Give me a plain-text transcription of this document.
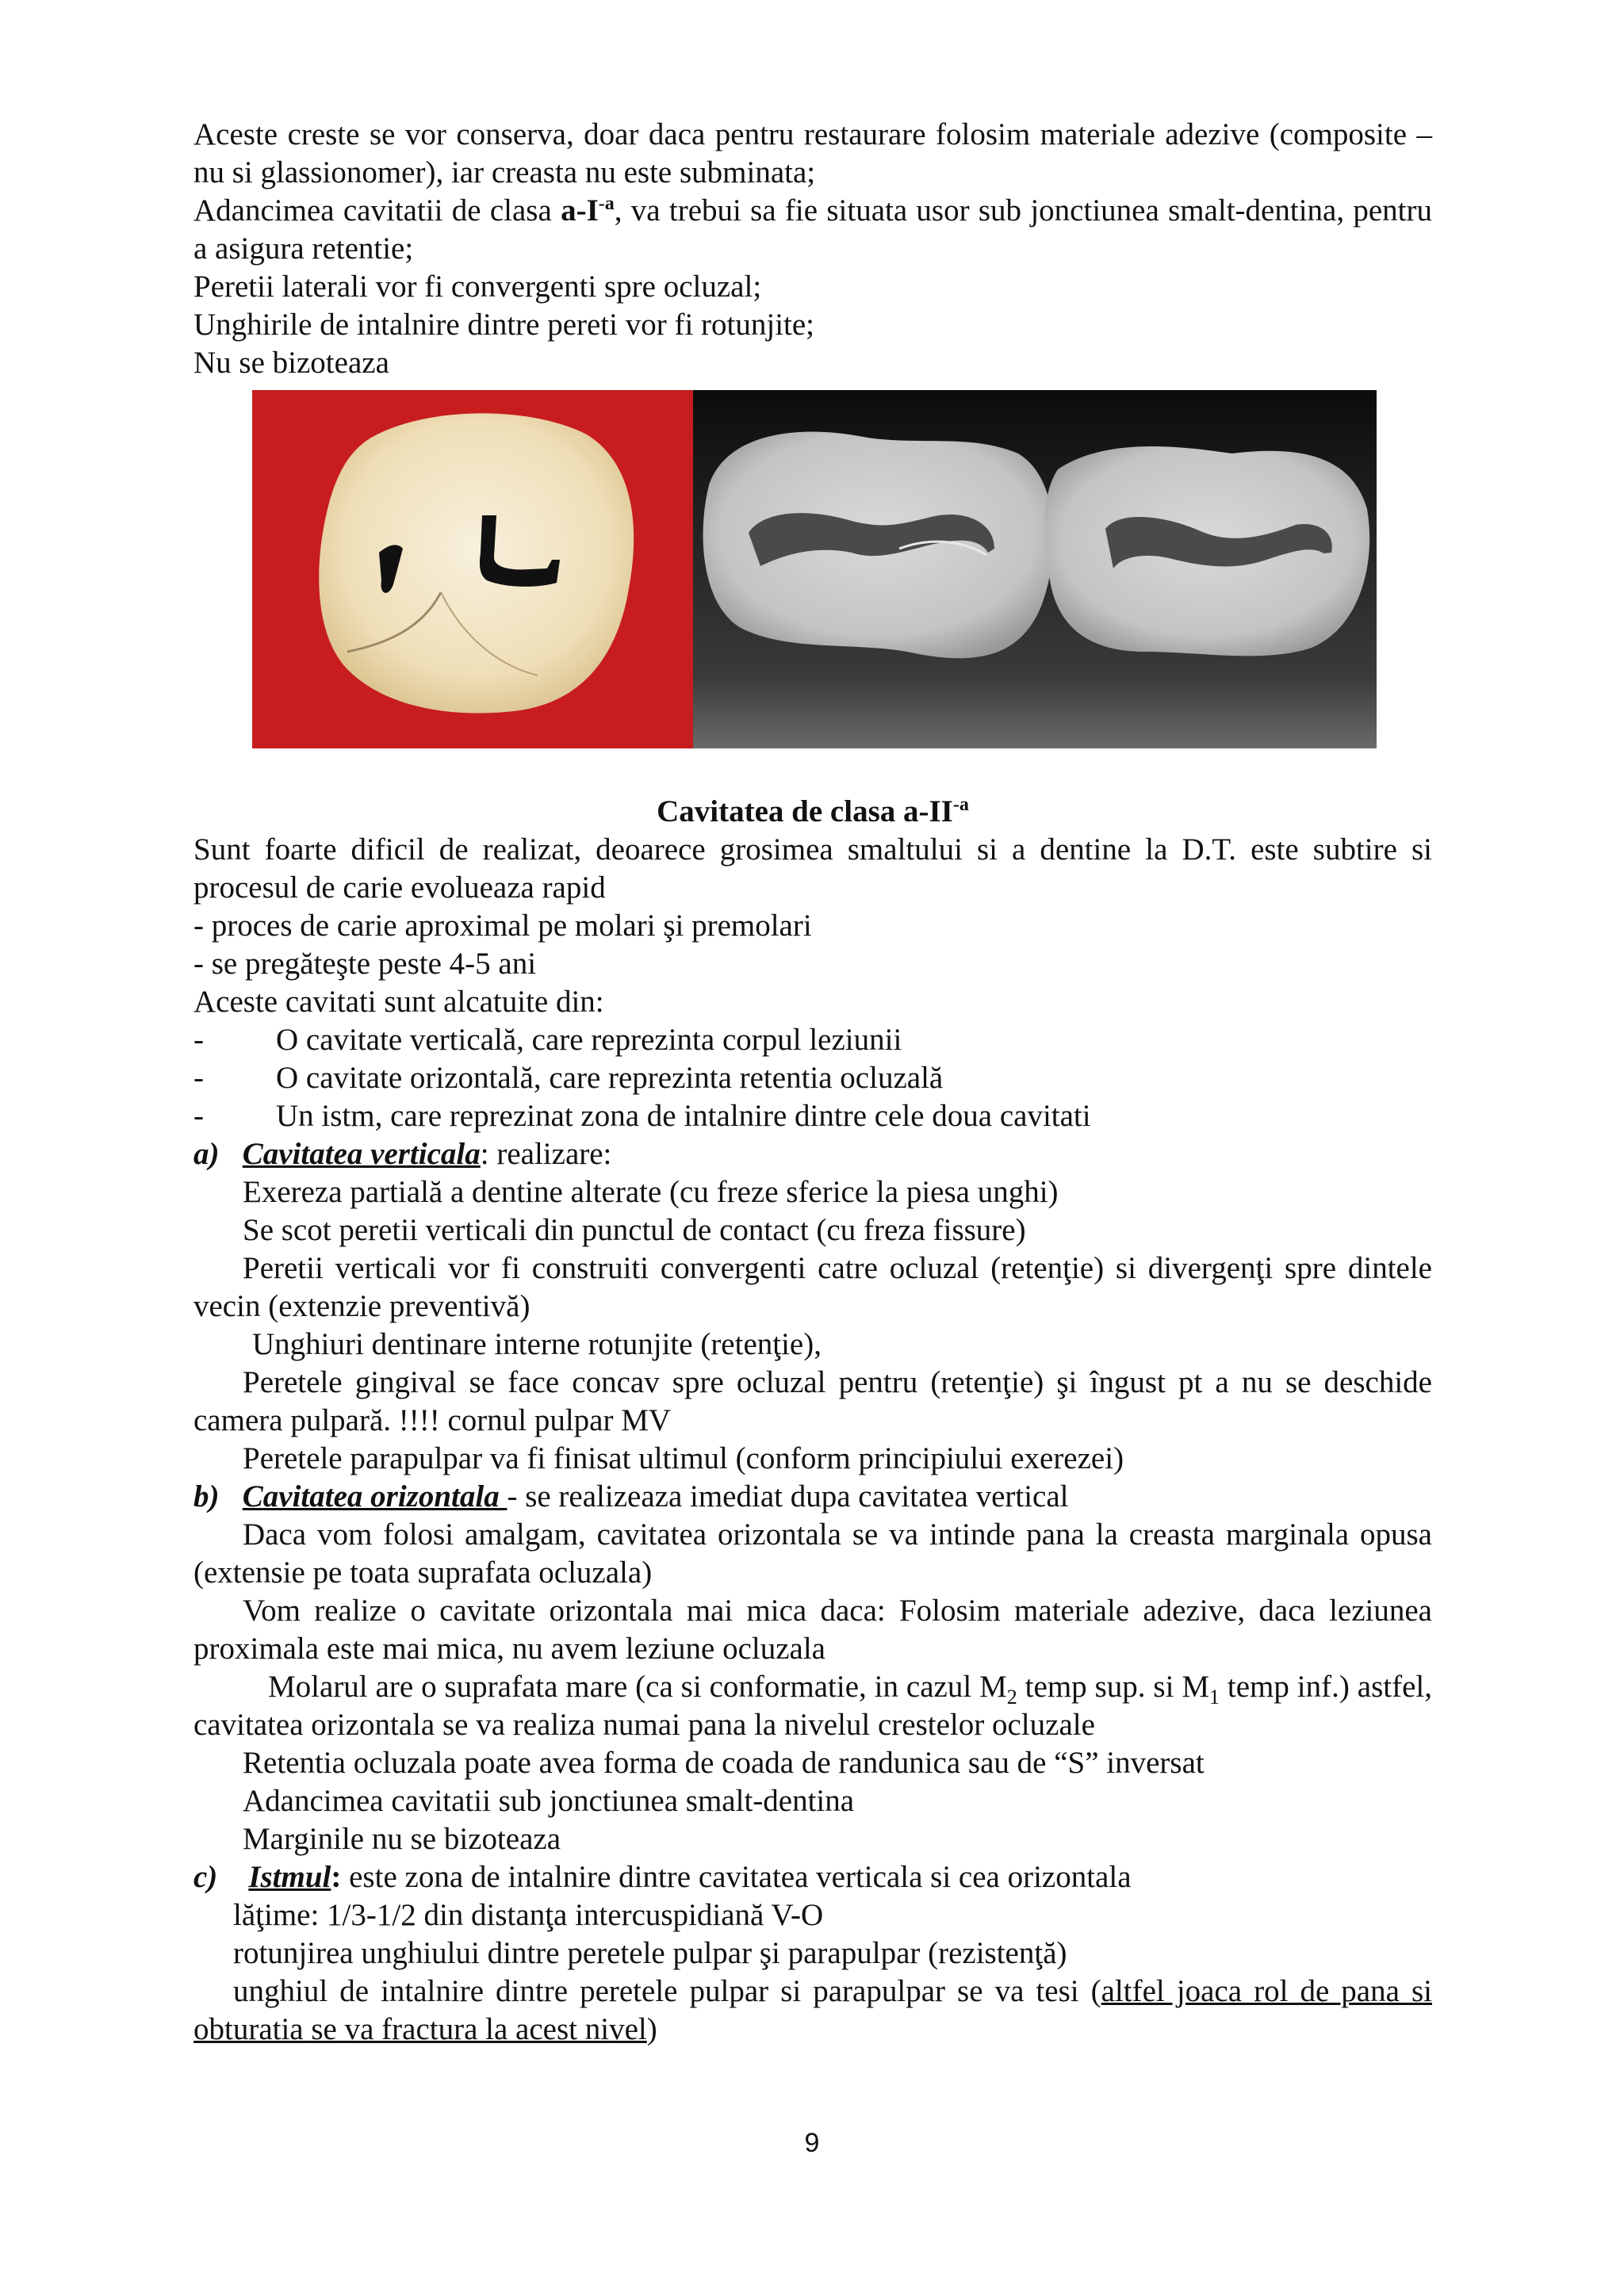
Aceste creste se vor conserva, doar daca pentru restaurare folosim materiale adezive (composite – nu si glassionomer), iar creasta nu este subminata;

Adancimea cavitatii de clasa $a-I^{-a}$, va trebui sa fie situata usor sub jonctiunea smalt-dentina, pentru a asigura retentie;

Peretii laterali vor fi convergenti spre ocluzal;

Unghirile de intalnire dintre pereti vor fi rotunjite;

Nu se bizoteaza

Cavitatea de clasa $a-II^{-a}$

Sunt foarte dificil de realizat, deoarece grosimea smaltului si a dentine la D.T. este subtire si procesul de carie evolueaza rapid

- proces de carie aproximal pe molari şi premolari

- se pregăteşte peste 4-5 ani

Aceste cavitati sunt alcatuite din:

-	O cavitate verticală, care reprezinta corpul leziunii
-	O cavitate orizontală, care reprezinta retentia ocluzală
-	Un istm, care reprezinat zona de intalnire dintre cele doua cavitati

a) Cavitatea verticala: realizare:

Exereza partială a dentine alterate (cu freze sferice la piesa unghi)
Se scot peretii verticali din punctul de contact (cu freza fissure)

Peretii verticali vor fi construiti convergenti catre ocluzal (retenţie) si divergenţi spre dintele vecin (extenzie preventivă)

Unghiuri dentinare interne rotunjite (retenţie),

Peretele gingival se face concav spre ocluzal pentru (retenţie) şi îngust pt a nu se deschide camera pulpară. !!!! cornul pulpar MV

Peretele parapulpar va fi finisat ultimul (conform principiului exerezei)

b) Cavitatea orizontala - se realizeaza imediat dupa cavitatea vertical

Daca vom folosi amalgam, cavitatea orizontala se va intinde pana la creasta marginala opusa (extensie pe toata suprafata ocluzala)

Vom realize o cavitate orizontala mai mica daca: Folosim materiale adezive, daca leziunea proximala este mai mica, nu avem leziune ocluzala

Molarul are o suprafata mare (ca si conformatie, in cazul $M_2$ temp sup. si $M_1$ temp inf.) astfel, cavitatea orizontala se va realiza numai pana la nivelul crestelor ocluzale

Retentia ocluzala poate avea forma de coada de randunica sau de “S” inversat
Adancimea cavitatii sub jonctiunea smalt-dentina
Marginile nu se bizoteaza

c) Istmul: este zona de intalnire dintre cavitatea verticala si cea orizontala

lăţime: 1/3-1/2 din distanţa intercuspidiană V-O
rotunjirea unghiului dintre peretele pulpar şi parapulpar (rezistenţă)

unghiul de intalnire dintre peretele pulpar si parapulpar se va tesi (altfel joaca rol de pana si obturatia se va fractura la acest nivel)

9
